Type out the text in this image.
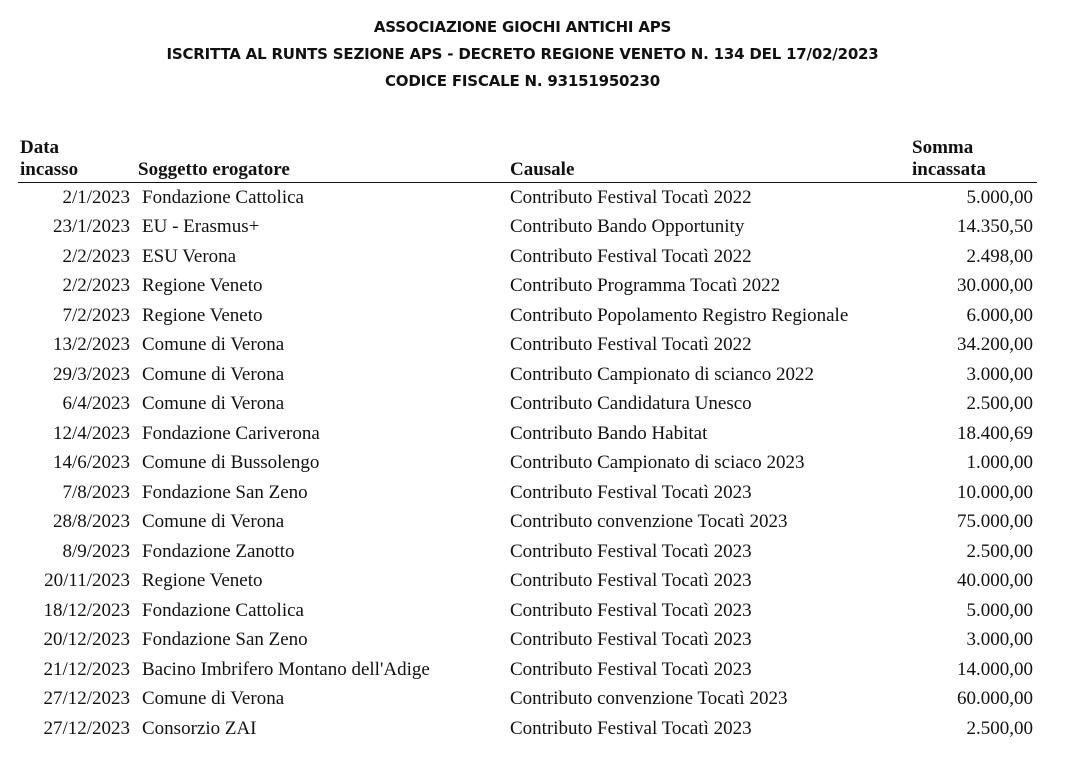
ASSOCIAZIONE GIOCHI ANTICHI APS
ISCRITTA AL RUNTS SEZIONE APS - DECRETO REGIONE VENETO N. 134 DEL 17/02/2023
CODICE FISCALE N. 93151950230
Data
incasso	Soggetto erogatore	Causale	Somma
incassata

2/1/2023	Fondazione Cattolica	Contributo Festival Tocatì 2022	5.000,00
23/1/2023	EU - Erasmus+	Contributo Bando Opportunity	14.350,50
2/2/2023	ESU Verona	Contributo Festival Tocatì 2022	2.498,00
2/2/2023	Regione Veneto	Contributo Programma Tocatì 2022	30.000,00
7/2/2023	Regione Veneto	Contributo Popolamento Registro Regionale	6.000,00
13/2/2023	Comune di Verona	Contributo Festival Tocatì 2022	34.200,00
29/3/2023	Comune di Verona	Contributo Campionato di scianco 2022	3.000,00
6/4/2023	Comune di Verona	Contributo Candidatura Unesco	2.500,00
12/4/2023	Fondazione Cariverona	Contributo Bando Habitat	18.400,69
14/6/2023	Comune di Bussolengo	Contributo Campionato di sciaco 2023	1.000,00
7/8/2023	Fondazione San Zeno	Contributo Festival Tocatì 2023	10.000,00
28/8/2023	Comune di Verona	Contributo convenzione Tocatì 2023	75.000,00
8/9/2023	Fondazione Zanotto	Contributo Festival Tocatì 2023	2.500,00
20/11/2023	Regione Veneto	Contributo Festival Tocatì 2023	40.000,00
18/12/2023	Fondazione Cattolica	Contributo Festival Tocatì 2023	5.000,00
20/12/2023	Fondazione San Zeno	Contributo Festival Tocatì 2023	3.000,00
21/12/2023	Bacino Imbrifero Montano dell'Adige	Contributo Festival Tocatì 2023	14.000,00
27/12/2023	Comune di Verona	Contributo convenzione Tocatì 2023	60.000,00
27/12/2023	Consorzio ZAI	Contributo Festival Tocatì 2023	2.500,00
